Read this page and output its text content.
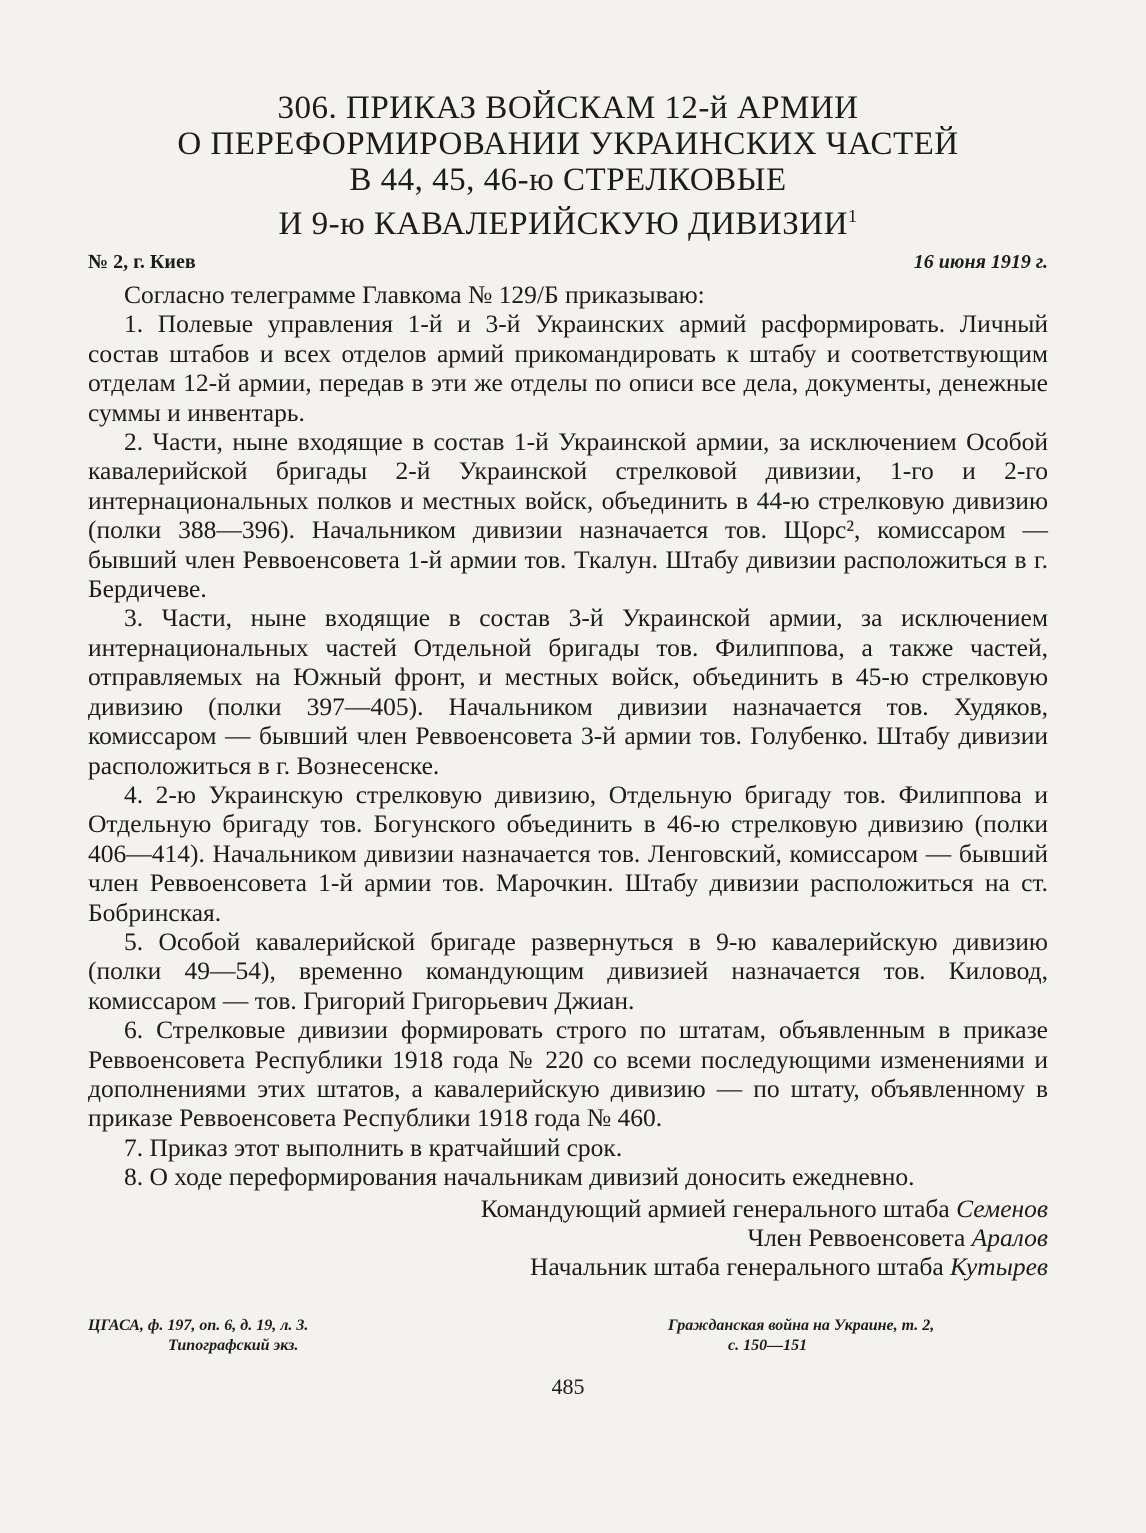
306. ПРИКАЗ ВОЙСКАМ 12-й АРМИИ
О ПЕРЕФОРМИРОВАНИИ УКРАИНСКИХ ЧАСТЕЙ
В 44, 45, 46-ю СТРЕЛКОВЫЕ
И 9-ю КАВАЛЕРИЙСКУЮ ДИВИЗИИ$^1$
№ 2, г. Киев	16 июня 1919 г.

Согласно телеграмме Главкома № 129/Б приказываю:

1. Полевые управления 1-й и 3-й Украинских армий расформировать. Личный состав штабов и всех отделов армий прикомандировать к штабу и соответствующим отделам 12-й армии, передав в эти же отделы по описи все дела, документы, денежные суммы и инвентарь.

2. Части, ныне входящие в состав 1-й Украинской армии, за исключением Особой кавалерийской бригады 2-й Украинской стрелковой дивизии, 1-го и 2-го интернациональных полков и местных войск, объединить в 44-ю стрелковую дивизию (полки 388—396). Начальником дивизии назначается тов. Щорс², комиссаром — бывший член Реввоенсовета 1-й армии тов. Ткалун. Штабу дивизии расположиться в г. Бердичеве.

3. Части, ныне входящие в состав 3-й Украинской армии, за исключением интернациональных частей Отдельной бригады тов. Филиппова, а также частей, отправляемых на Южный фронт, и местных войск, объединить в 45-ю стрелковую дивизию (полки 397—405). Начальником дивизии назначается тов. Худяков, комиссаром — бывший член Реввоенсовета 3-й армии тов. Голубенко. Штабу дивизии расположиться в г. Вознесенске.

4. 2-ю Украинскую стрелковую дивизию, Отдельную бригаду тов. Филиппова и Отдельную бригаду тов. Богунского объединить в 46-ю стрелковую дивизию (полки 406—414). Начальником дивизии назначается тов. Ленговский, комиссаром — бывший член Реввоенсовета 1-й армии тов. Марочкин. Штабу дивизии расположиться на ст. Бобринская.

5. Особой кавалерийской бригаде развернуться в 9-ю кавалерийскую дивизию (полки 49—54), временно командующим дивизией назначается тов. Киловод, комиссаром — тов. Григорий Григорьевич Джиан.

6. Стрелковые дивизии формировать строго по штатам, объявленным в приказе Реввоенсовета Республики 1918 года № 220 со всеми последующими изменениями и дополнениями этих штатов, а кавалерийскую дивизию — по штату, объявленному в приказе Реввоенсовета Республики 1918 года № 460.

7. Приказ этот выполнить в кратчайший срок.

8. О ходе переформирования начальникам дивизий доносить ежедневно.

Командующий армией генерального штаба Семенов
Член Реввоенсовета Аралов
Начальник штаба генерального штаба Кутырев
ЦГАСА, ф. 197, оп. 6, д. 19, л. 3.
Типографский экз.
Гражданская война на Украине, т. 2,
с. 150—151
485
